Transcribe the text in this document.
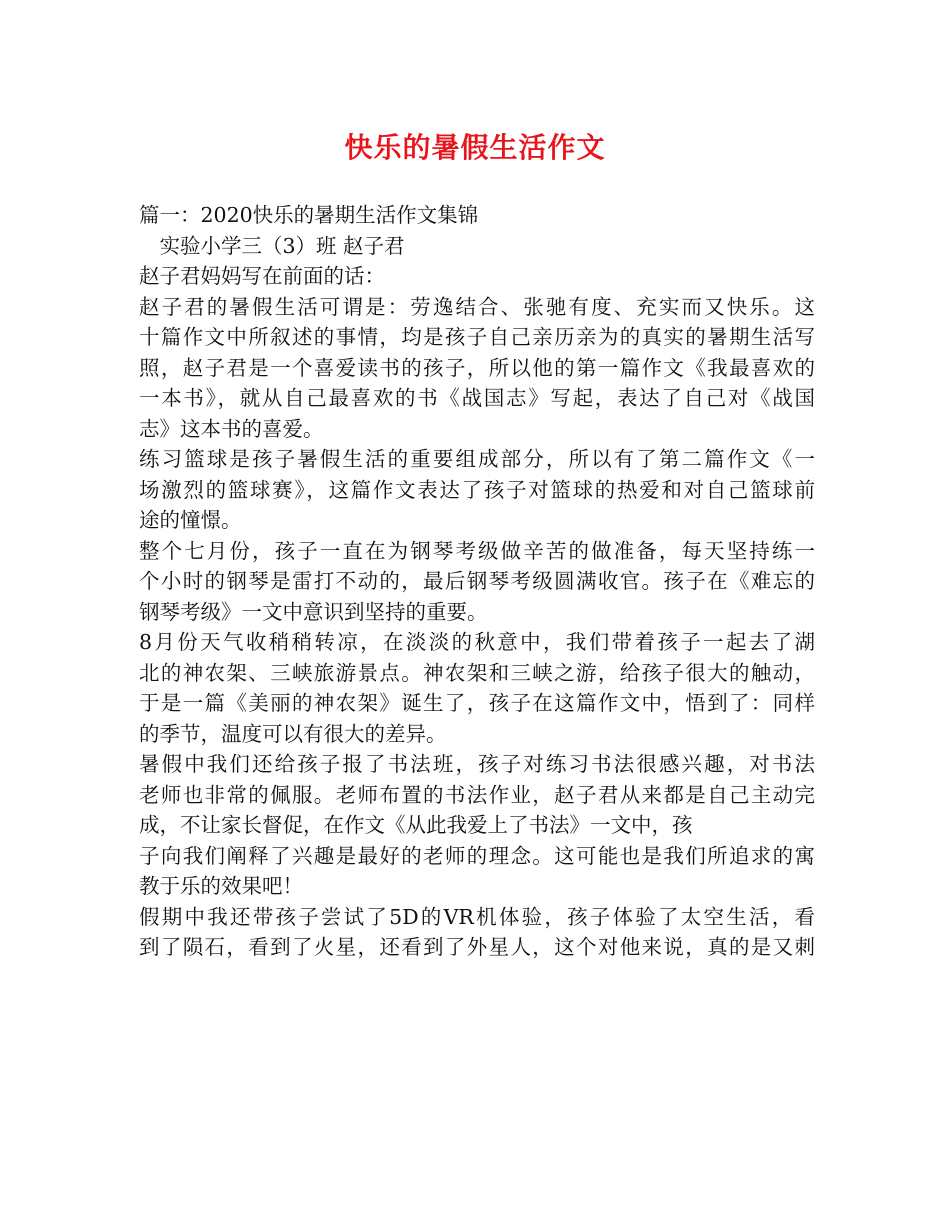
快乐的暑假生活作文
篇一：2020快乐的暑期生活作文集锦
　实验小学三（3）班 赵子君
赵子君妈妈写在前面的话：
赵子君的暑假生活可谓是：劳逸结合、张驰有度、充实而又快乐。这
十篇作文中所叙述的事情，均是孩子自己亲历亲为的真实的暑期生活写
照，赵子君是一个喜爱读书的孩子，所以他的第一篇作文《我最喜欢的
一本书》，就从自己最喜欢的书《战国志》写起，表达了自己对《战国
志》这本书的喜爱。
练习篮球是孩子暑假生活的重要组成部分，所以有了第二篇作文《一
场激烈的篮球赛》，这篇作文表达了孩子对篮球的热爱和对自己篮球前
途的憧憬。
整个七月份，孩子一直在为钢琴考级做辛苦的做准备，每天坚持练一
个小时的钢琴是雷打不动的，最后钢琴考级圆满收官。孩子在《难忘的
钢琴考级》一文中意识到坚持的重要。
8月份天气收稍稍转凉，在淡淡的秋意中，我们带着孩子一起去了湖
北的神农架、三峡旅游景点。神农架和三峡之游，给孩子很大的触动，
于是一篇《美丽的神农架》诞生了，孩子在这篇作文中，悟到了：同样
的季节，温度可以有很大的差异。
暑假中我们还给孩子报了书法班，孩子对练习书法很感兴趣，对书法
老师也非常的佩服。老师布置的书法作业，赵子君从来都是自己主动完
成，不让家长督促，在作文《从此我爱上了书法》一文中，孩
子向我们阐释了兴趣是最好的老师的理念。这可能也是我们所追求的寓
教于乐的效果吧！
假期中我还带孩子尝试了5D的VR机体验，孩子体验了太空生活，看
到了陨石，看到了火星，还看到了外星人，这个对他来说，真的是又刺
